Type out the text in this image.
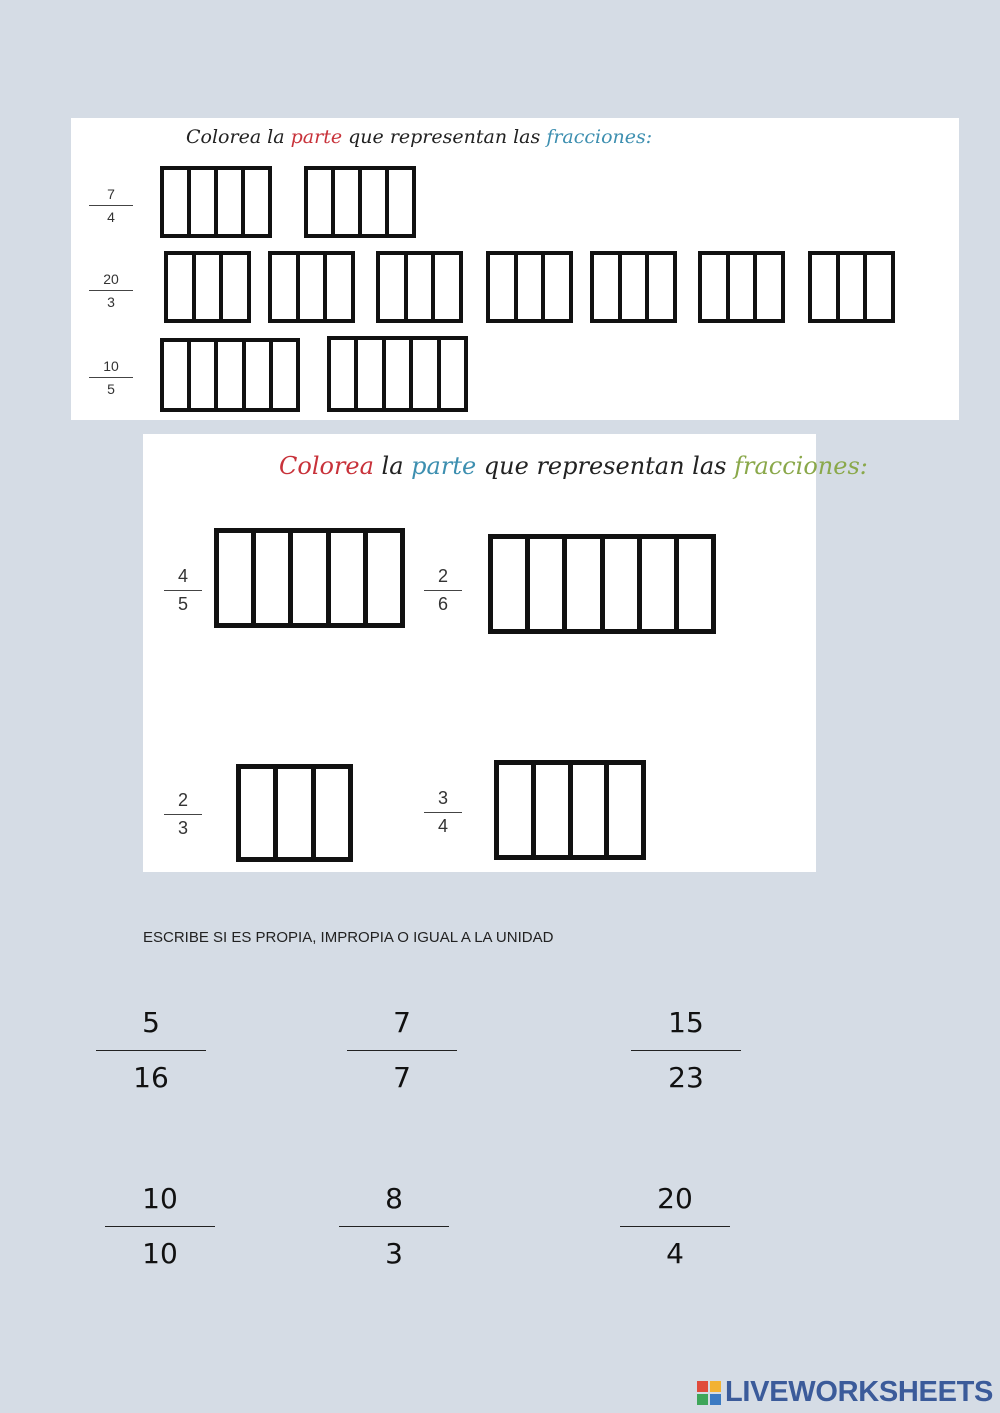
Colorea la parte que representan las fracciones:
7
4
20
3
10
5
Colorea la parte que representan las fracciones:
4
5
2
6
2
3
3
4
ESCRIBE SI ES PROPIA, IMPROPIA O IGUAL A LA UNIDAD
5
16
7
7
15
23
10
10
8
3
20
4
LIVEWORKSHEETS
